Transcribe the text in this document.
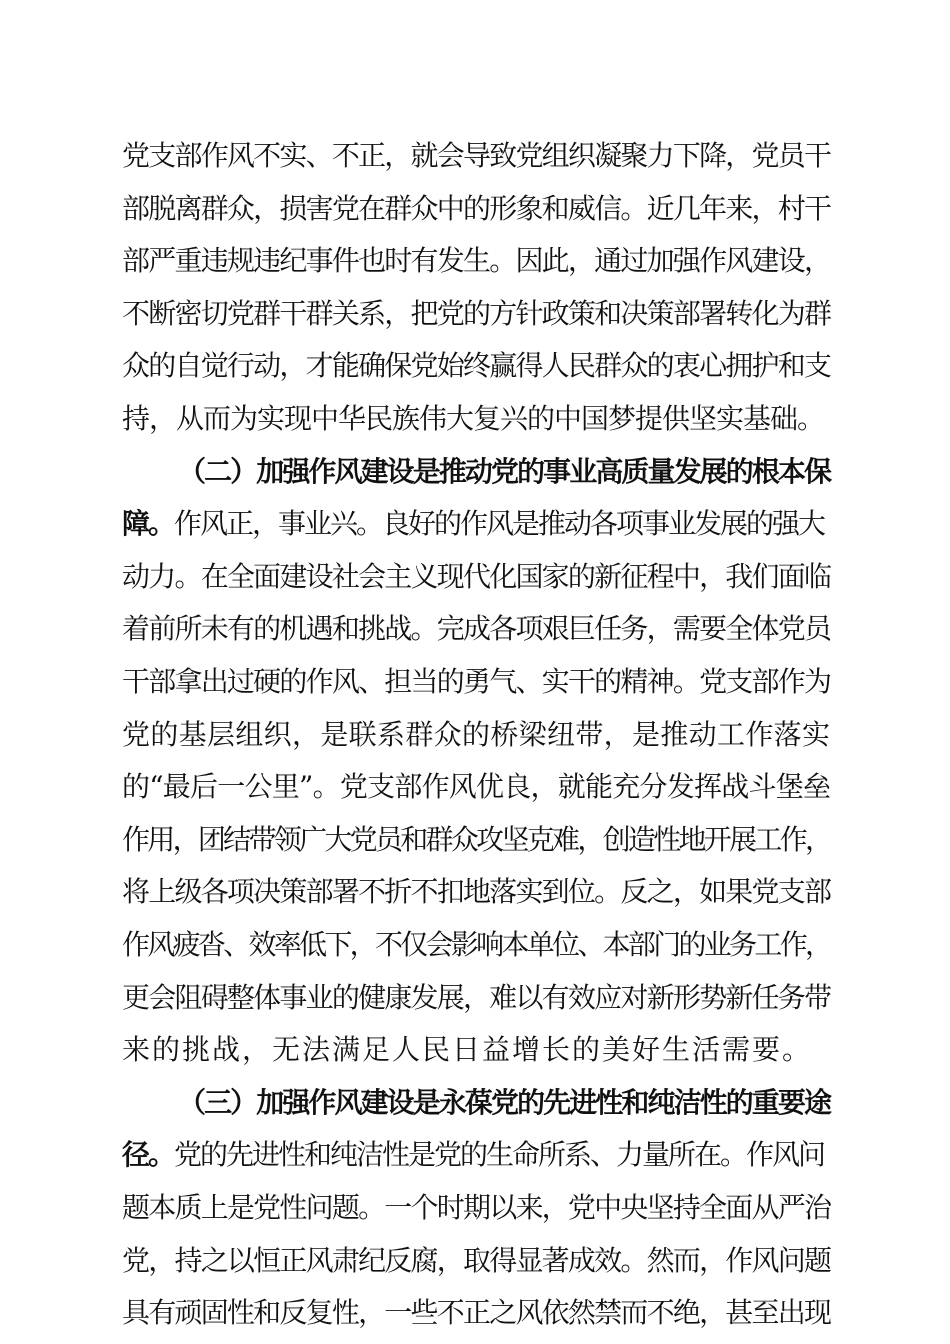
党支部作风不实、不正，就会导致党组织凝聚力下降，党员干
部脱离群众，损害党在群众中的形象和威信。近几年来，村干
部严重违规违纪事件也时有发生。因此，通过加强作风建设，
不断密切党群干群关系，把党的方针政策和决策部署转化为群
众的自觉行动，才能确保党始终赢得人民群众的衷心拥护和支
持，从而为实现中华民族伟大复兴的中国梦提供坚实基础。
（二）加强作风建设是推动党的事业高质量发展的根本保
障。作风正，事业兴。良好的作风是推动各项事业发展的强大
动力。在全面建设社会主义现代化国家的新征程中，我们面临
着前所未有的机遇和挑战。完成各项艰巨任务，需要全体党员
干部拿出过硬的作风、担当的勇气、实干的精神。党支部作为
党的基层组织，是联系群众的桥梁纽带，是推动工作落实
的“最后一公里”。党支部作风优良，就能充分发挥战斗堡垒
作用，团结带领广大党员和群众攻坚克难，创造性地开展工作，
将上级各项决策部署不折不扣地落实到位。反之，如果党支部
作风疲沓、效率低下，不仅会影响本单位、本部门的业务工作，
更会阻碍整体事业的健康发展，难以有效应对新形势新任务带
来的挑战，无法满足人民日益增长的美好生活需要。
（三）加强作风建设是永葆党的先进性和纯洁性的重要途
径。党的先进性和纯洁性是党的生命所系、力量所在。作风问
题本质上是党性问题。一个时期以来，党中央坚持全面从严治
党，持之以恒正风肃纪反腐，取得显著成效。然而，作风问题
具有顽固性和反复性，一些不正之风依然禁而不绝，甚至出现
